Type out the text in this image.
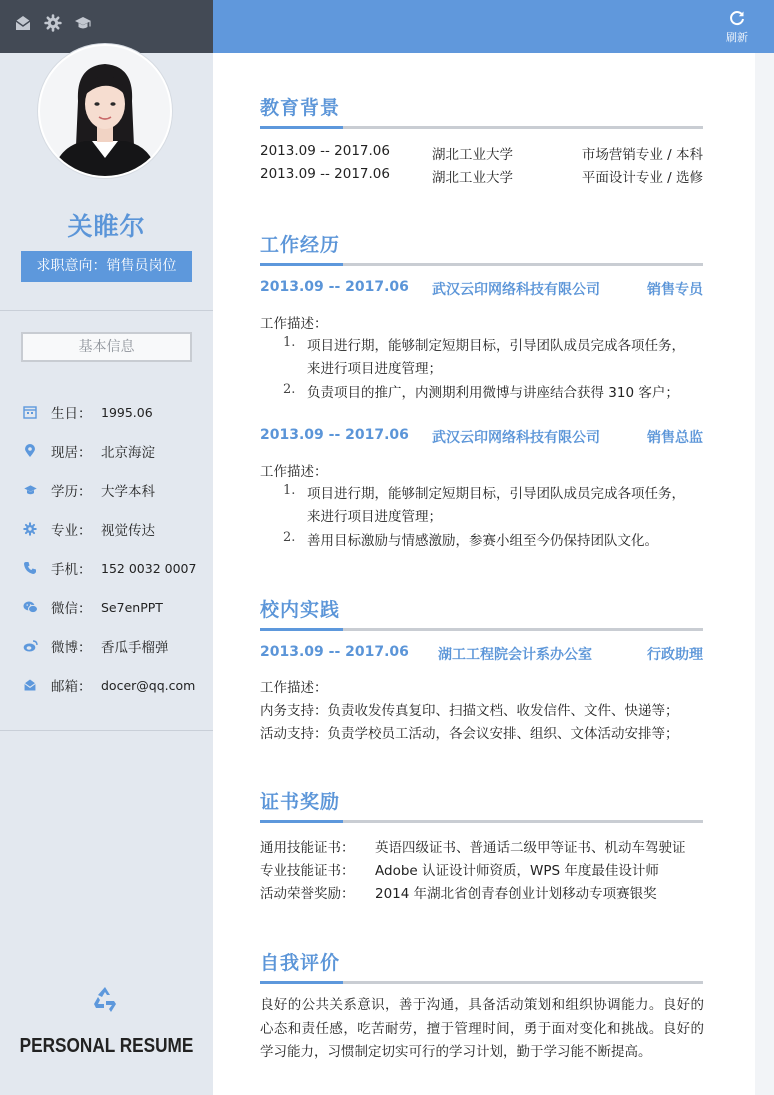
刷新
关睢尔
求职意向：销售员岗位
基本信息
生日： 1995.06
现居： 北京海淀
学历： 大学本科
专业： 视觉传达
手机： 152 0032 0007
微信： Se7enPPT
微博： 香瓜手榴弹
邮箱： docer@qq.com
PERSONAL RESUME
教育背景
2013.09 -- 2017.06	湖北工业大学	市场营销专业 / 本科
2013.09 -- 2017.06	湖北工业大学	平面设计专业 / 选修
工作经历
2013.09 -- 2017.06 武汉云印网络科技有限公司	销售专员
工作描述：
1. 项目进行期，能够制定短期目标，引导团队成员完成各项任务，
来进行项目进度管理；
2. 负责项目的推广，内测期利用微博与讲座结合获得 310 客户；
2013.09 -- 2017.06 武汉云印网络科技有限公司	销售总监
工作描述：
1. 项目进行期，能够制定短期目标，引导团队成员完成各项任务，
来进行项目进度管理；
2. 善用目标激励与情感激励，参赛小组至今仍保持团队文化。
校内实践
2013.09 -- 2017.06 湖工工程院会计系办公室	行政助理
工作描述：
内务支持：负责收发传真复印、扫描文档、收发信件、文件、快递等；
活动支持：负责学校员工活动，各会议安排、组织、文体活动安排等；
证书奖励
通用技能证书： 英语四级证书、普通话二级甲等证书、机动车驾驶证
专业技能证书： Adobe 认证设计师资质，WPS 年度最佳设计师
活动荣誉奖励： 2014 年湖北省创青春创业计划移动专项赛银奖
自我评价
良好的公共关系意识，善于沟通，具备活动策划和组织协调能力。良好的心态和责任感，吃苦耐劳，擅于管理时间，勇于面对变化和挑战。良好的学习能力，习惯制定切实可行的学习计划，勤于学习能不断提高。
